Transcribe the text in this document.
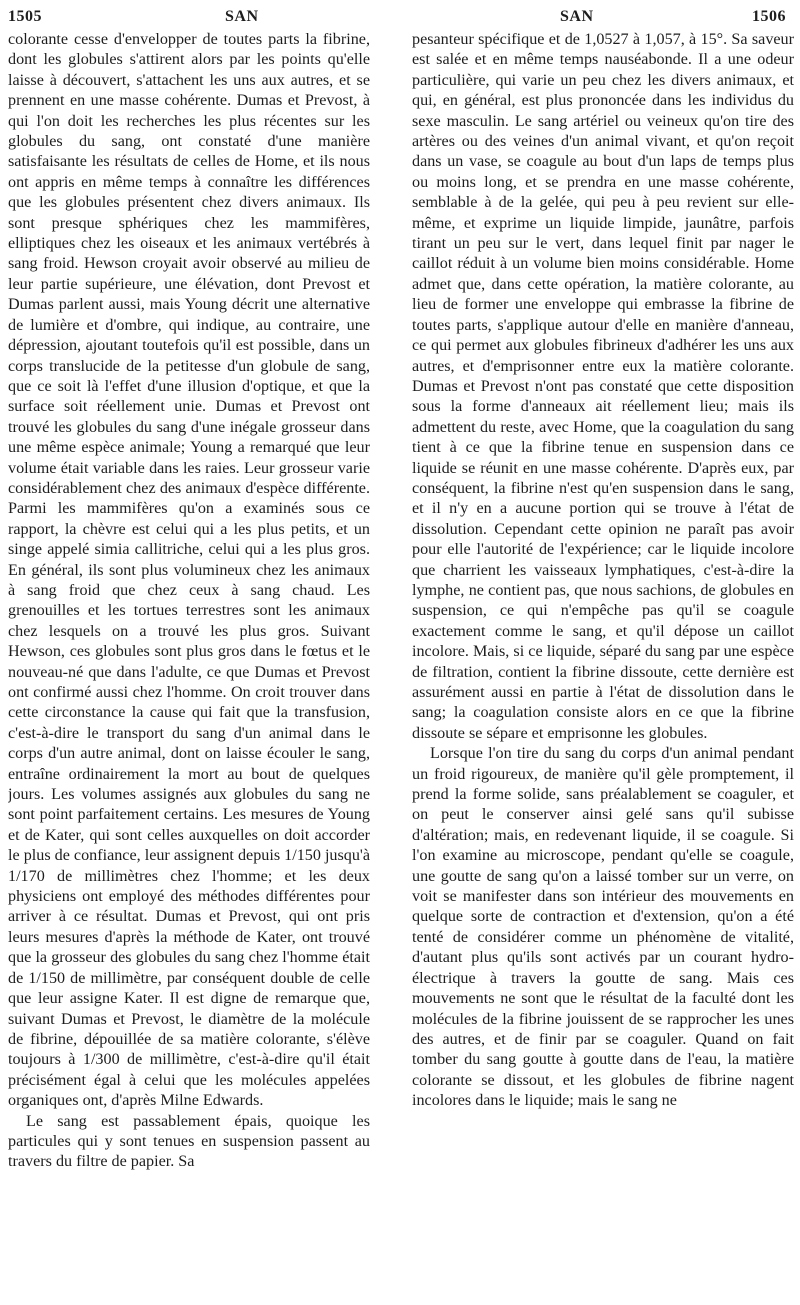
1505	SAN	SAN	1506

colorante cesse d'envelopper de toutes parts la fibrine, dont les globules s'attirent alors par les points qu'elle laisse à découvert, s'attachent les uns aux autres, et se prennent en une masse cohérente. Dumas et Prevost, à qui l'on doit les recherches les plus récentes sur les globules du sang, ont constaté d'une manière satisfaisante les résultats de celles de Home, et ils nous ont appris en même temps à connaître les différences que les globules présentent chez divers animaux. Ils sont presque sphériques chez les mammifères, elliptiques chez les oiseaux et les animaux vertébrés à sang froid. Hewson croyait avoir observé au milieu de leur partie supérieure, une élévation, dont Prevost et Dumas parlent aussi, mais Young décrit une alternative de lumière et d'ombre, qui indique, au contraire, une dépression, ajoutant toutefois qu'il est possible, dans un corps translucide de la petitesse d'un globule de sang, que ce soit là l'effet d'une illusion d'optique, et que la surface soit réellement unie. Dumas et Prevost ont trouvé les globules du sang d'une inégale grosseur dans une même espèce animale; Young a remarqué que leur volume était variable dans les raies. Leur grosseur varie considérablement chez des animaux d'espèce différente. Parmi les mammifères qu'on a examinés sous ce rapport, la chèvre est celui qui a les plus petits, et un singe appelé simia callitriche, celui qui a les plus gros. En général, ils sont plus volumineux chez les animaux à sang froid que chez ceux à sang chaud. Les grenouilles et les tortues terrestres sont les animaux chez lesquels on a trouvé les plus gros. Suivant Hewson, ces globules sont plus gros dans le fœtus et le nouveau-né que dans l'adulte, ce que Dumas et Prevost ont confirmé aussi chez l'homme. On croit trouver dans cette circonstance la cause qui fait que la transfusion, c'est-à-dire le transport du sang d'un animal dans le corps d'un autre animal, dont on laisse écouler le sang, entraîne ordinairement la mort au bout de quelques jours. Les volumes assignés aux globules du sang ne sont point parfaitement certains. Les mesures de Young et de Kater, qui sont celles auxquelles on doit accorder le plus de confiance, leur assignent depuis 1/150 jusqu'à 1/170 de millimètres chez l'homme; et les deux physiciens ont employé des méthodes différentes pour arriver à ce résultat. Dumas et Prevost, qui ont pris leurs mesures d'après la méthode de Kater, ont trouvé que la grosseur des globules du sang chez l'homme était de 1/150 de millimètre, par conséquent double de celle que leur assigne Kater. Il est digne de remarque que, suivant Dumas et Prevost, le diamètre de la molécule de fibrine, dépouillée de sa matière colorante, s'élève toujours à 1/300 de millimètre, c'est-à-dire qu'il était précisément égal à celui que les molécules appelées organiques ont, d'après Milne Edwards.

Le sang est passablement épais, quoique les particules qui y sont tenues en suspension passent au travers du filtre de papier. Sa

pesanteur spécifique et de 1,0527 à 1,057, à 15°. Sa saveur est salée et en même temps nauséabonde. Il a une odeur particulière, qui varie un peu chez les divers animaux, et qui, en général, est plus prononcée dans les individus du sexe masculin. Le sang artériel ou veineux qu'on tire des artères ou des veines d'un animal vivant, et qu'on reçoit dans un vase, se coagule au bout d'un laps de temps plus ou moins long, et se prendra en une masse cohérente, semblable à de la gelée, qui peu à peu revient sur elle-même, et exprime un liquide limpide, jaunâtre, parfois tirant un peu sur le vert, dans lequel finit par nager le caillot réduit à un volume bien moins considérable. Home admet que, dans cette opération, la matière colorante, au lieu de former une enveloppe qui embrasse la fibrine de toutes parts, s'applique autour d'elle en manière d'anneau, ce qui permet aux globules fibrineux d'adhérer les uns aux autres, et d'emprisonner entre eux la matière colorante. Dumas et Prevost n'ont pas constaté que cette disposition sous la forme d'anneaux ait réellement lieu; mais ils admettent du reste, avec Home, que la coagulation du sang tient à ce que la fibrine tenue en suspension dans ce liquide se réunit en une masse cohérente. D'après eux, par conséquent, la fibrine n'est qu'en suspension dans le sang, et il n'y en a aucune portion qui se trouve à l'état de dissolution. Cependant cette opinion ne paraît pas avoir pour elle l'autorité de l'expérience; car le liquide incolore que charrient les vaisseaux lymphatiques, c'est-à-dire la lymphe, ne contient pas, que nous sachions, de globules en suspension, ce qui n'empêche pas qu'il se coagule exactement comme le sang, et qu'il dépose un caillot incolore. Mais, si ce liquide, séparé du sang par une espèce de filtration, contient la fibrine dissoute, cette dernière est assurément aussi en partie à l'état de dissolution dans le sang; la coagulation consiste alors en ce que la fibrine dissoute se sépare et emprisonne les globules.

Lorsque l'on tire du sang du corps d'un animal pendant un froid rigoureux, de manière qu'il gèle promptement, il prend la forme solide, sans préalablement se coaguler, et on peut le conserver ainsi gelé sans qu'il subisse d'altération; mais, en redevenant liquide, il se coagule. Si l'on examine au microscope, pendant qu'elle se coagule, une goutte de sang qu'on a laissé tomber sur un verre, on voit se manifester dans son intérieur des mouvements en quelque sorte de contraction et d'extension, qu'on a été tenté de considérer comme un phénomène de vitalité, d'autant plus qu'ils sont activés par un courant hydro-électrique à travers la goutte de sang. Mais ces mouvements ne sont que le résultat de la faculté dont les molécules de la fibrine jouissent de se rapprocher les unes des autres, et de finir par se coaguler. Quand on fait tomber du sang goutte à goutte dans de l'eau, la matière colorante se dissout, et les globules de fibrine nagent incolores dans le liquide; mais le sang ne
